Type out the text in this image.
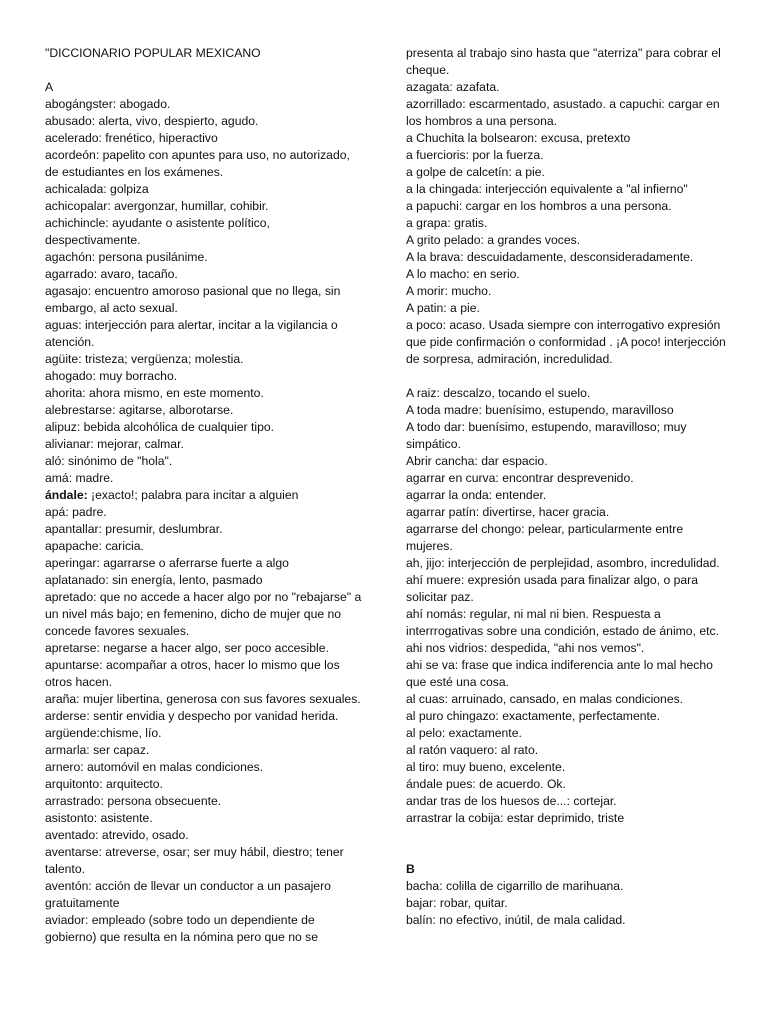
"DICCIONARIO POPULAR MEXICANO

A

abogángster: abogado.

abusado: alerta, vivo, despierto, agudo.

acelerado: frenético, hiperactivo

acordeón: papelito con apuntes para uso, no autorizado, de estudiantes en los exámenes.

achicalada: golpiza

achicopalar: avergonzar, humillar, cohibir.

achichincle: ayudante o asistente político, despectivamente.

agachón: persona pusilánime.

agarrado: avaro, tacaño.

agasajo: encuentro amoroso pasional que no llega, sin embargo, al acto sexual.

aguas: interjección para alertar, incitar a la vigilancia o atención.

agüite: tristeza; vergüenza; molestia.

ahogado: muy borracho.

ahorita: ahora mismo, en este momento.

alebrestarse: agitarse, alborotarse.

alipuz: bebida alcohólica de cualquier tipo.

alivianar: mejorar, calmar.

aló: sinónimo de "hola".

amá: madre.

ándale: ¡exacto!; palabra para incitar a alguien

apá: padre.

apantallar: presumir, deslumbrar.

apapache: caricia.

aperingar: agarrarse o aferrarse fuerte a algo

aplatanado: sin energía, lento, pasmado

apretado: que no accede a hacer algo por no "rebajarse" a un nivel más bajo; en femenino, dicho de mujer que no concede favores sexuales.

apretarse: negarse a hacer algo, ser poco accesible.

apuntarse: acompañar a otros, hacer lo mismo que los otros hacen.

araña: mujer libertina, generosa con sus favores sexuales.

arderse: sentir envidia y despecho por vanidad herida.

argüende:chisme, lío.

armarla: ser capaz.

arnero: automóvil en malas condiciones.

arquitonto: arquitecto.

arrastrado: persona obsecuente.

asistonto: asistente.

aventado: atrevido, osado.

aventarse: atreverse, osar; ser muy hábil, diestro; tener talento.

aventón: acción de llevar un conductor a un pasajero gratuitamente

aviador: empleado (sobre todo un dependiente de gobierno) que resulta en la nómina pero que no se

presenta al trabajo sino hasta que "aterriza" para cobrar el cheque.

azagata: azafata.

azorrillado: escarmentado, asustado. a capuchi: cargar en los hombros a una persona.

a Chuchita la bolsearon: excusa, pretexto

a fuercioris: por la fuerza.

a golpe de calcetín: a pie.

a la chingada: interjección equivalente a "al infierno"

a papuchi: cargar en los hombros a una persona.

a grapa: gratis.

A grito pelado: a grandes voces.

A la brava: descuidadamente, desconsideradamente.

A lo macho: en serio.

A morir: mucho.

A patin: a pie.

a poco: acaso. Usada siempre con interrogativo expresión que pide confirmación o conformidad . ¡A poco! interjección de sorpresa, admiración, incredulidad.

A raiz: descalzo, tocando el suelo.

A toda madre: buenísimo, estupendo, maravilloso

A todo dar: buenísimo, estupendo, maravilloso; muy simpático.

Abrir cancha: dar espacio.

agarrar en curva: encontrar desprevenido.

agarrar la onda: entender.

agarrar patín: divertirse, hacer gracia.

agarrarse del chongo: pelear, particularmente entre mujeres.

ah, jijo: interjección de perplejidad, asombro, incredulidad.

ahí muere: expresión usada para finalizar algo, o para solicitar paz.

ahí nomás: regular, ni mal ni bien. Respuesta a interrrogativas sobre una condición, estado de ánimo, etc.

ahi nos vidrios: despedida, "ahi nos vemos".

ahi se va: frase que indica indiferencia ante lo mal hecho que esté una cosa.

al cuas: arruinado, cansado, en malas condiciones.

al puro chingazo: exactamente, perfectamente.

al pelo: exactamente.

al ratón vaquero: al rato.

al tiro: muy bueno, excelente.

ándale pues: de acuerdo. Ok.

andar tras de los huesos de...: cortejar.

arrastrar la cobija: estar deprimido, triste

B

bacha: colilla de cigarrillo de marihuana.

bajar: robar, quitar.

balín: no efectivo, inútil, de mala calidad.
